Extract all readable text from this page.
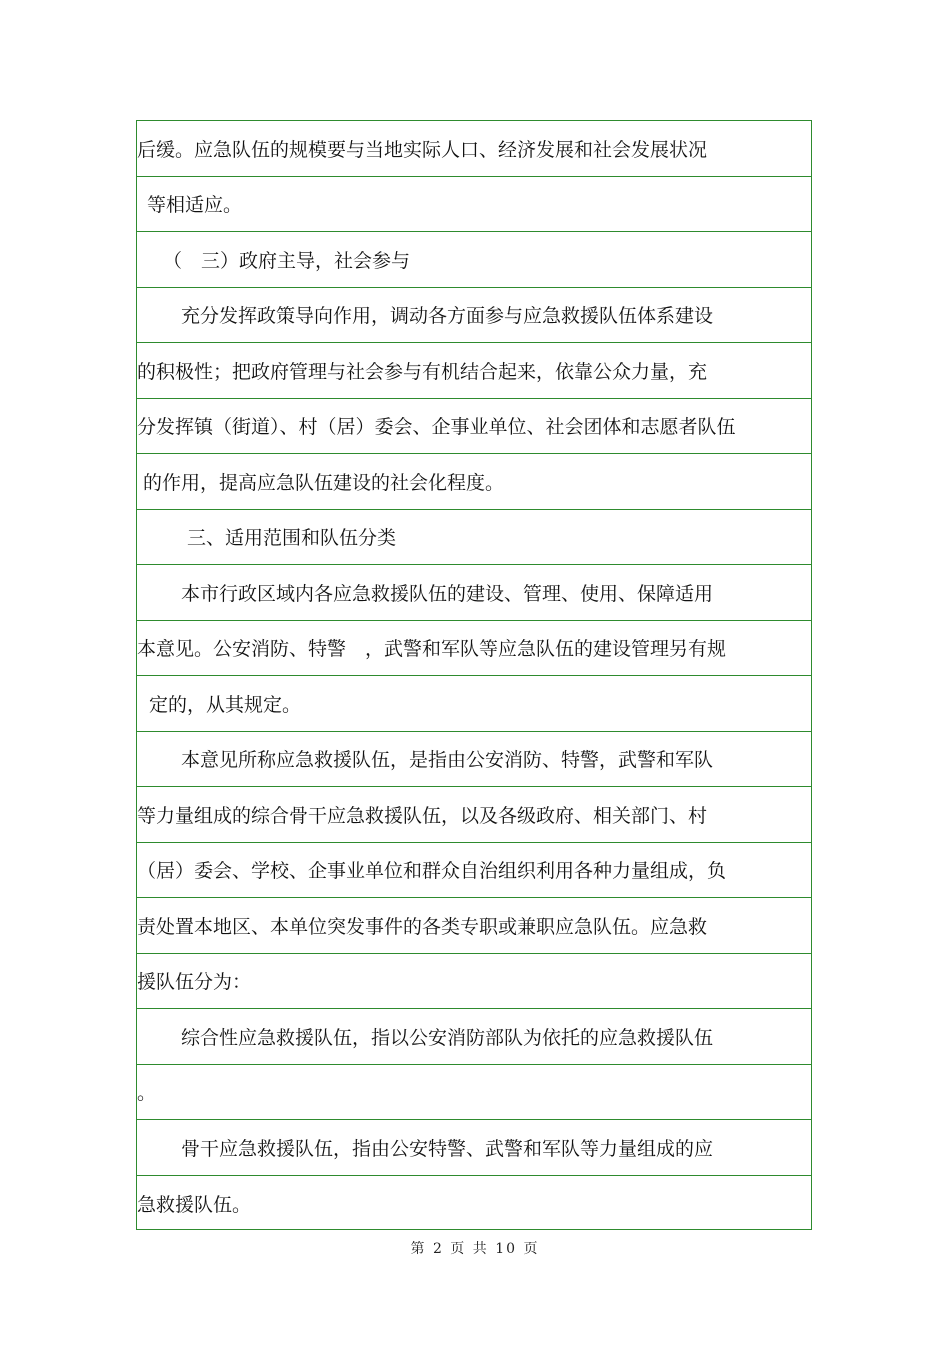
后缓。应急队伍的规模要与当地实际人口、经济发展和社会发展状况
等相适应。
（　三）政府主导，社会参与
充分发挥政策导向作用，调动各方面参与应急救援队伍体系建设
的积极性；把政府管理与社会参与有机结合起来，依靠公众力量，充
分发挥镇（街道）、村（居）委会、企事业单位、社会团体和志愿者队伍
的作用，提高应急队伍建设的社会化程度。
三、适用范围和队伍分类
本市行政区域内各应急救援队伍的建设、管理、使用、保障适用
本意见。公安消防、特警　，武警和军队等应急队伍的建设管理另有规
定的，从其规定。
本意见所称应急救援队伍，是指由公安消防、特警，武警和军队
等力量组成的综合骨干应急救援队伍，以及各级政府、相关部门、村
（居）委会、学校、企事业单位和群众自治组织利用各种力量组成，负
责处置本地区、本单位突发事件的各类专职或兼职应急队伍。应急救
援队伍分为：
综合性应急救援队伍，指以公安消防部队为依托的应急救援队伍
。
骨干应急救援队伍，指由公安特警、武警和军队等力量组成的应
急救援队伍。
第 2 页 共 10 页
